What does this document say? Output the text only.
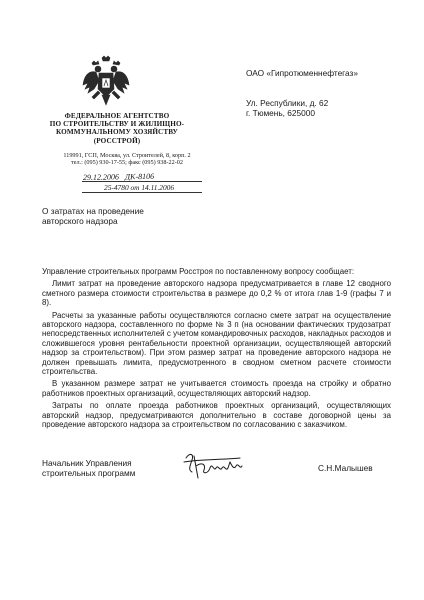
ФЕДЕРАЛЬНОЕ АГЕНТСТВО
ПО СТРОИТЕЛЬСТВУ И ЖИЛИЩНО-
КОММУНАЛЬНОМУ ХОЗЯЙСТВУ
(РОССТРОЙ)
119991, ГСП, Москва, ул. Строителей, 8, корп. 2
тел.: (095) 930-17-55; факс (095) 938-22-02
29.12.2006 ДК-8106
25-4780 от 14.11.2006
О затратах на проведение
авторского надзора
ОАО «Гипротюменнефтегаз»
Ул. Республики, д. 62
г. Тюмень, 625000

Управление строительных программ Росстроя по поставленному вопросу сообщает:

Лимит затрат на проведение авторского надзора предусматривается в главе 12 сводного сметного размера стоимости строительства в размере до 0,2 % от итога глав 1-9 (графы 7 и 8).

Расчеты за указанные работы осуществляются согласно смете затрат на осуществление авторского надзора, составленного по форме № 3 п (на основании фактических трудозатрат непосредственных исполнителей с учетом командировочных расходов, накладных расходов и сложившегося уровня рентабельности проектной организации, осуществляющей авторский надзор за строительством). При этом размер затрат на проведение авторского надзора не должен превышать лимита, предусмотренного в сводном сметном расчете стоимости строительства.

В указанном размере затрат не учитывается стоимость проезда на стройку и обратно работников проектных организаций, осуществляющих авторский надзор.

Затраты по оплате проезда работников проектных организаций, осуществляющих авторский надзор, предусматриваются дополнительно в составе договорной цены за проведение авторского надзора за строительством по согласованию с заказчиком.

Начальник Управления
строительных программ	С.Н.Малышев
